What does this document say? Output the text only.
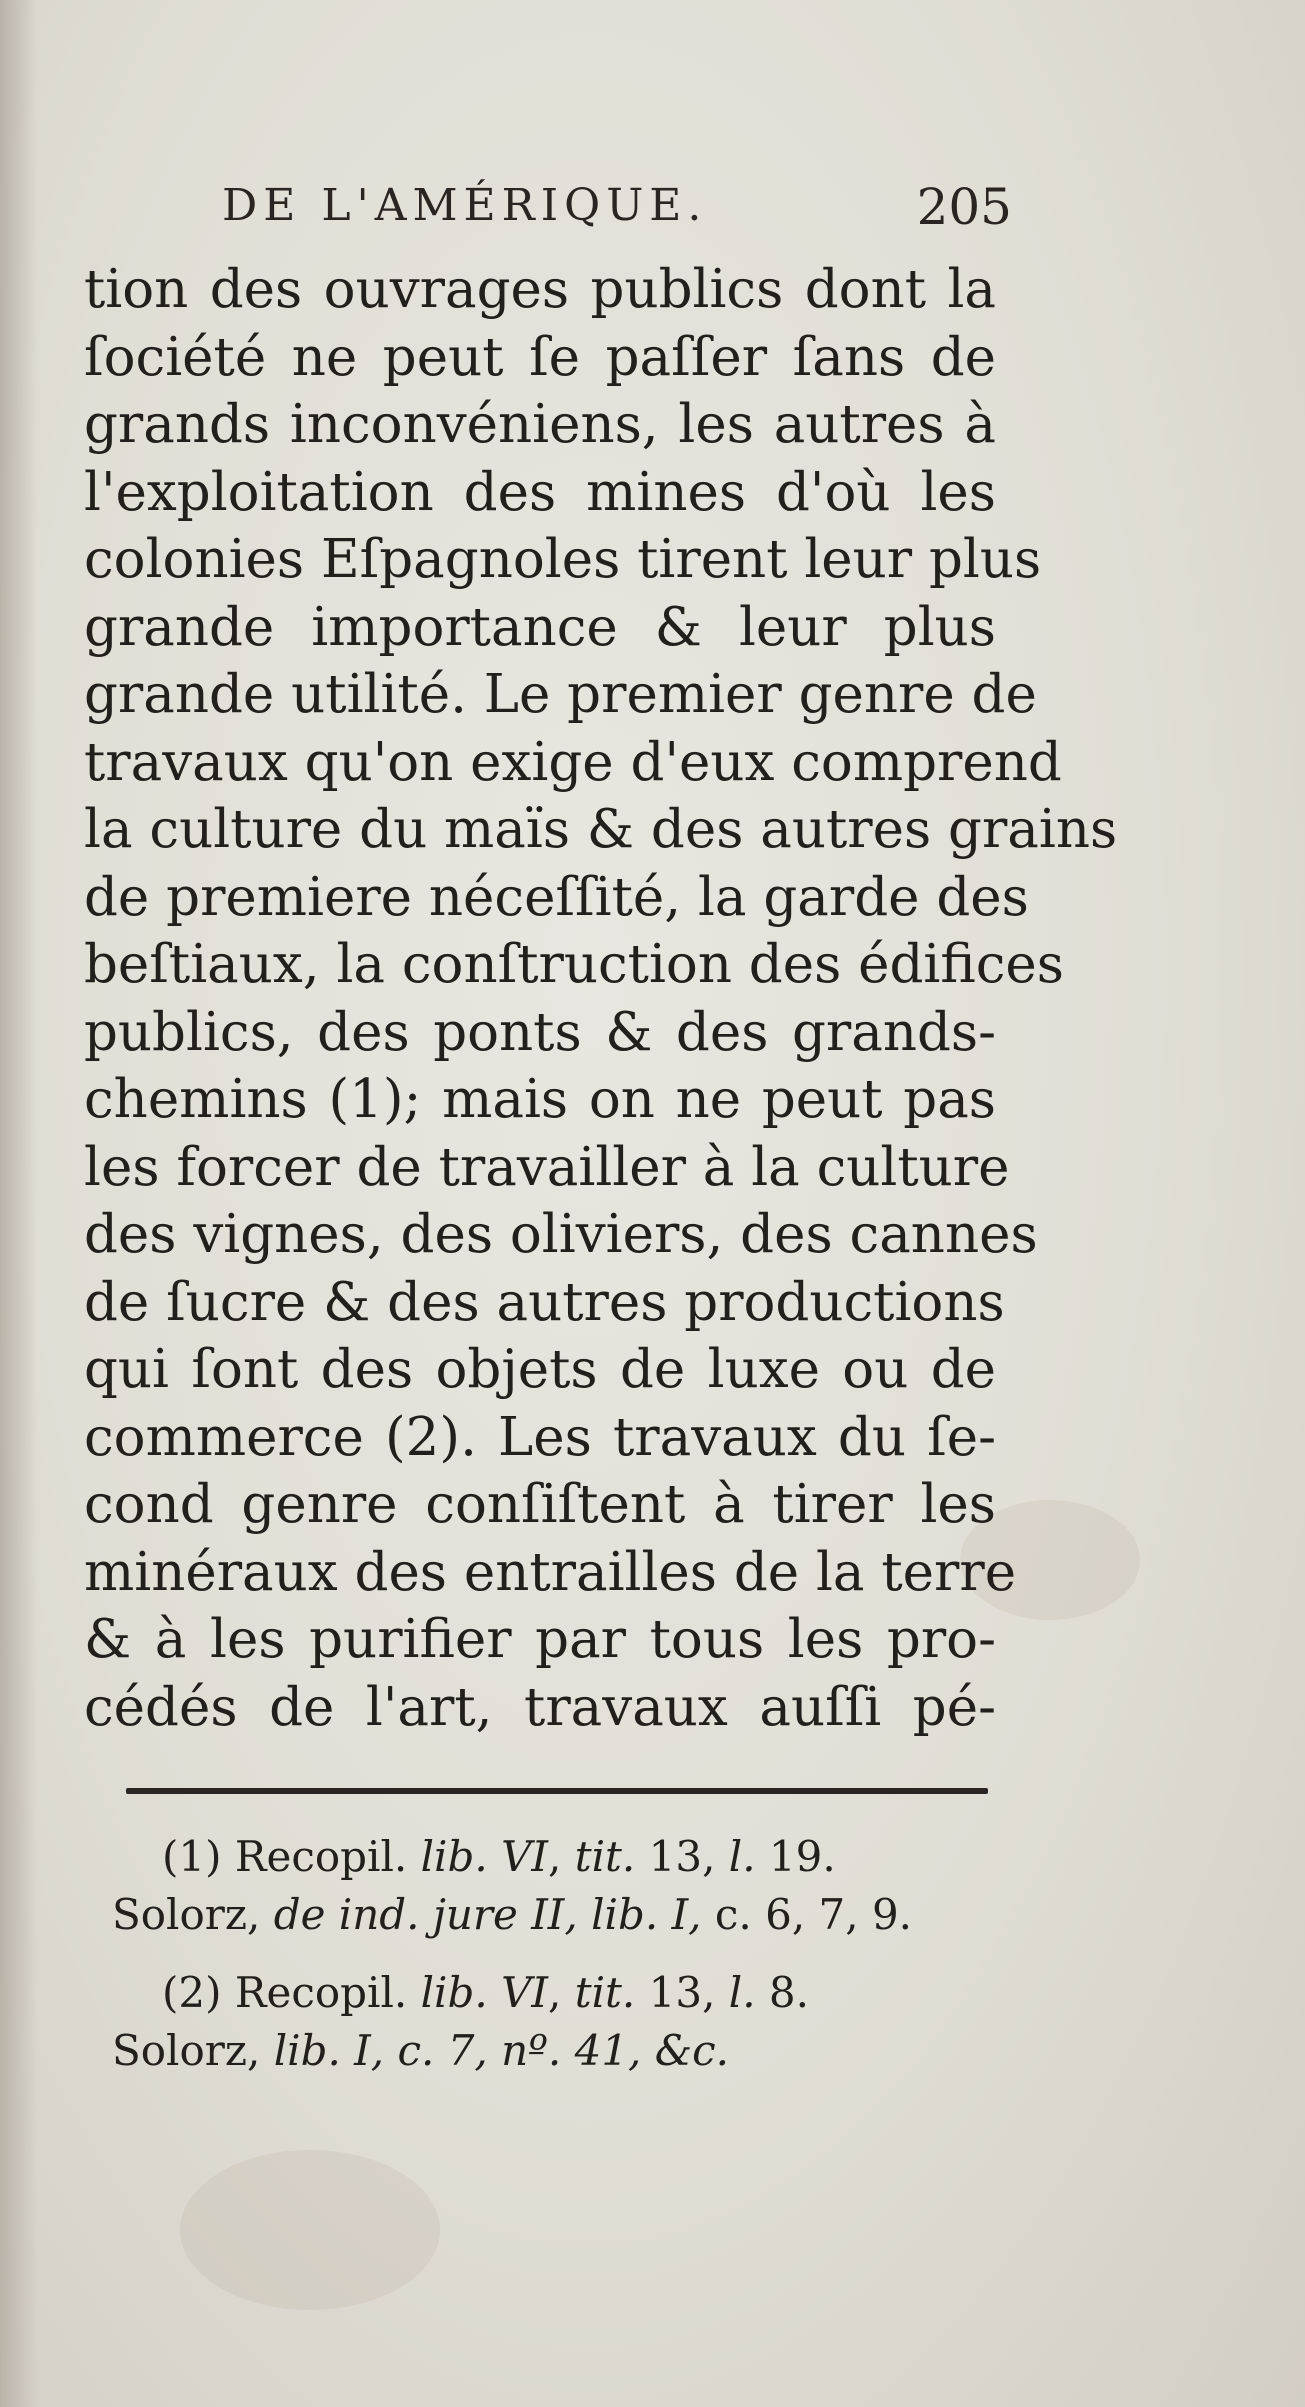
DE L'AMÉRIQUE.	205
tion des ouvrages publics dont la
ſociété ne peut ſe paſſer ſans de
grands inconvéniens, les autres à
l'exploitation des mines d'où les
colonies Eſpagnoles tirent leur plus
grande importance & leur plus
grande utilité. Le premier genre de
travaux qu'on exige d'eux comprend
la culture du maïs & des autres grains
de premiere néceſſité, la garde des
beſtiaux, la conſtruction des édifices
publics, des ponts & des grands-
chemins (1); mais on ne peut pas
les forcer de travailler à la culture
des vignes, des oliviers, des cannes
de ſucre & des autres productions
qui ſont des objets de luxe ou de
commerce (2). Les travaux du ſe-
cond genre conſiſtent à tirer les
minéraux des entrailles de la terre
& à les purifier par tous les pro-
cédés de l'art, travaux auſſi pé-
(1) Recopil. lib. VI, tit. 13, l. 19.
Solorz, de ind. jure II, lib. I, c. 6, 7, 9.
(2) Recopil. lib. VI, tit. 13, l. 8.
Solorz, lib. I, c. 7, nº. 41, &c.
